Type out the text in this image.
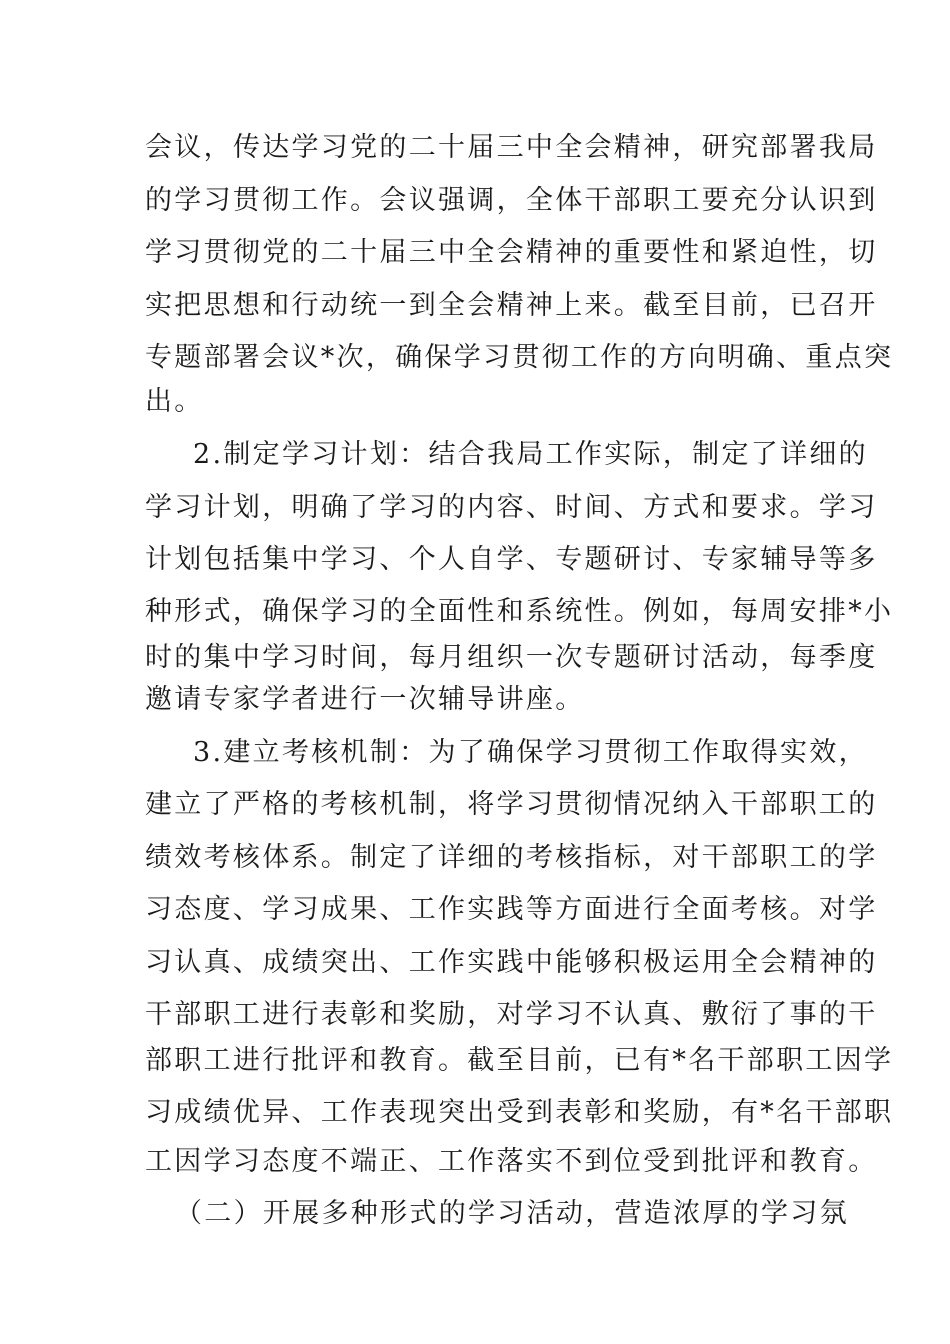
会议，传达学习党的二十届三中全会精神，研究部署我局
的学习贯彻工作。会议强调，全体干部职工要充分认识到
学习贯彻党的二十届三中全会精神的重要性和紧迫性，切
实把思想和行动统一到全会精神上来。截至目前，已召开
专题部署会议*次，确保学习贯彻工作的方向明确、重点突
出。
2.制定学习计划：结合我局工作实际，制定了详细的
学习计划，明确了学习的内容、时间、方式和要求。学习
计划包括集中学习、个人自学、专题研讨、专家辅导等多
种形式，确保学习的全面性和系统性。例如，每周安排*小
时的集中学习时间，每月组织一次专题研讨活动，每季度
邀请专家学者进行一次辅导讲座。
3.建立考核机制：为了确保学习贯彻工作取得实效，
建立了严格的考核机制，将学习贯彻情况纳入干部职工的
绩效考核体系。制定了详细的考核指标，对干部职工的学
习态度、学习成果、工作实践等方面进行全面考核。对学
习认真、成绩突出、工作实践中能够积极运用全会精神的
干部职工进行表彰和奖励，对学习不认真、敷衍了事的干
部职工进行批评和教育。截至目前，已有*名干部职工因学
习成绩优异、工作表现突出受到表彰和奖励，有*名干部职
工因学习态度不端正、工作落实不到位受到批评和教育。
（二）开展多种形式的学习活动，营造浓厚的学习氛
